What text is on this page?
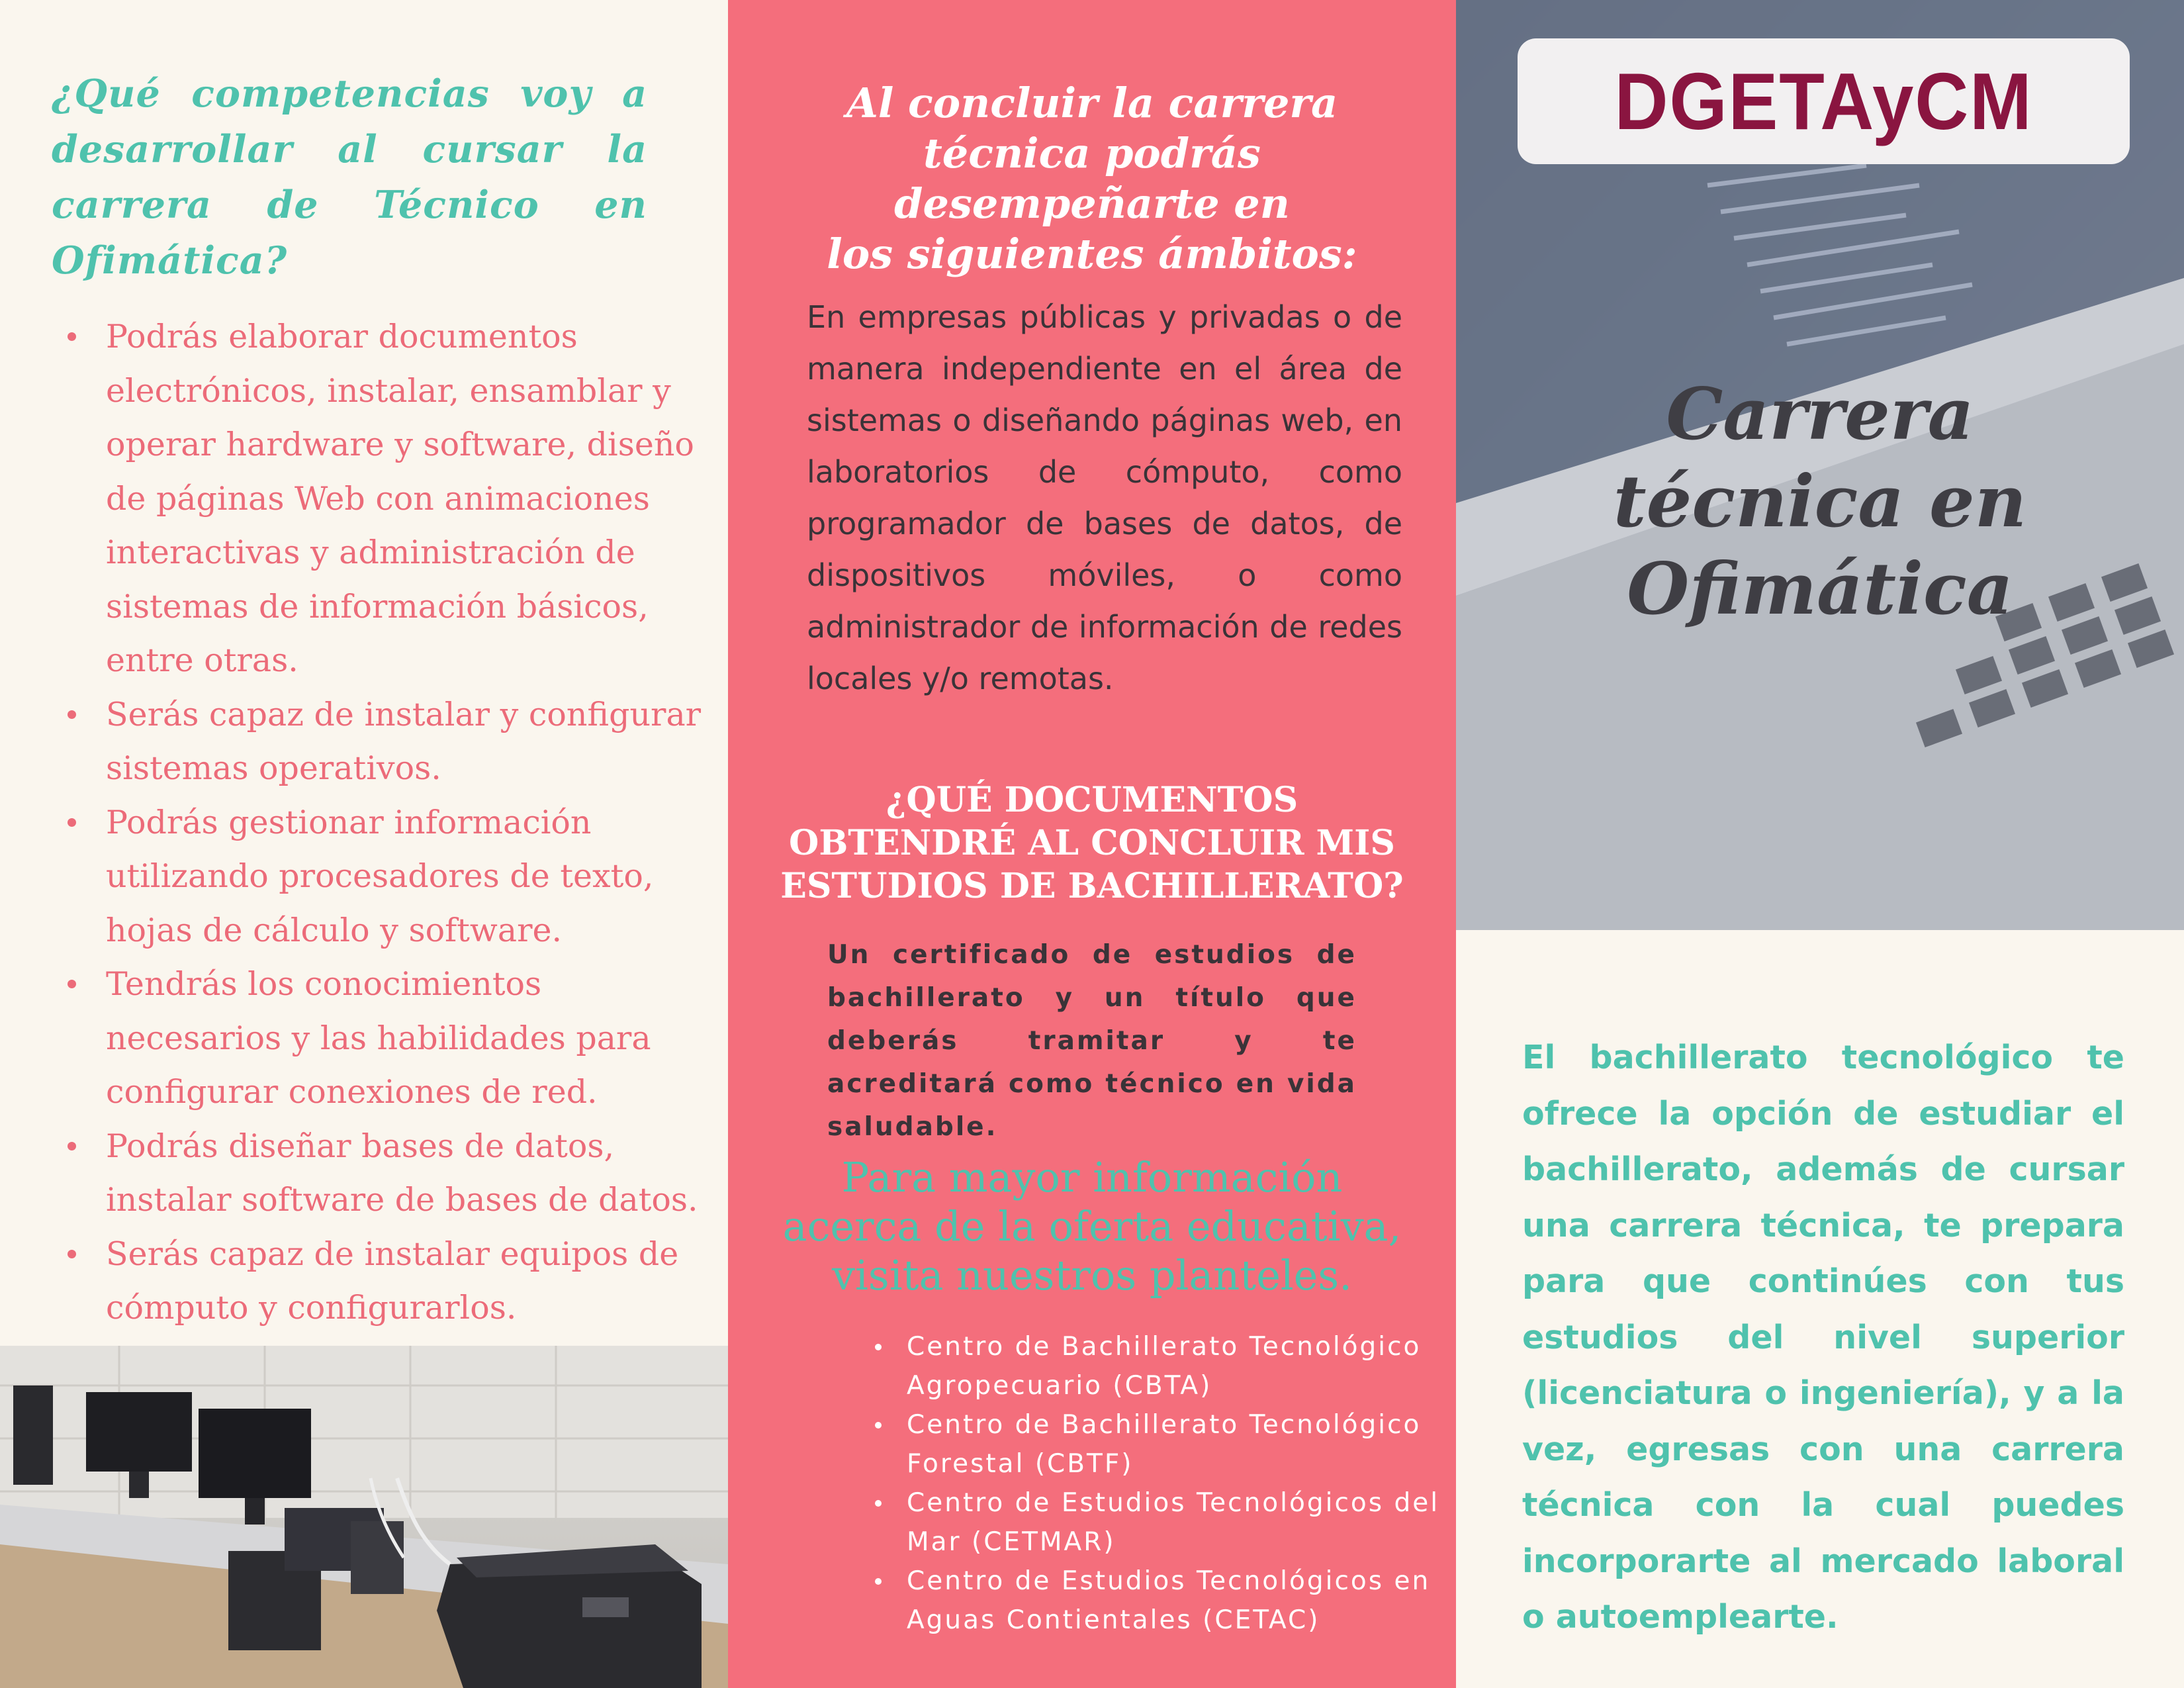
¿Qué competencias voy a desarrollar al cursar la carrera de Técnico en Ofimática?
Podrás elaborar documentos electrónicos, instalar, ensamblar y operar hardware y software, diseño de páginas Web con animaciones interactivas y administración de sistemas de información básicos, entre otras.
Serás capaz de instalar y configurar sistemas operativos.
Podrás gestionar información utilizando procesadores de texto, hojas de cálculo y software.
Tendrás los conocimientos necesarios y las habilidades para configurar conexiones de red.
Podrás diseñar bases de datos, instalar software de bases de datos.
Serás capaz de instalar equipos de cómputo y configurarlos.
Al concluir la carrera
técnica podrás
desempeñarte en
los siguientes ámbitos:
En empresas públicas y privadas o de manera independiente en el área de sistemas o diseñando páginas web, en laboratorios de cómputo, como programador de bases de datos, de dispositivos móviles, o como administrador de información de redes locales y/o remotas.
¿QUÉ DOCUMENTOS
OBTENDRÉ AL CONCLUIR MIS
ESTUDIOS DE BACHILLERATO?
Un certificado de estudios de bachillerato y un título que deberás tramitar y te acreditará como técnico en vida saludable.
Para mayor información
acerca de la oferta educativa,
visita nuestros planteles.
Centro de Bachillerato Tecnológico Agropecuario (CBTA)
Centro de Bachillerato Tecnológico Forestal (CBTF)
Centro de Estudios Tecnológicos del Mar (CETMAR)
Centro de Estudios Tecnológicos en Aguas Contientales (CETAC)
DGETAyCM
Carrera
técnica en
Ofimática
El bachillerato tecnológico te ofrece la opción de estudiar el bachillerato, además de cursar una carrera técnica, te prepara para que continúes con tus estudios del nivel superior (licenciatura o ingeniería), y a la vez, egresas con una carrera técnica con la cual puedes incorporarte al mercado laboral o autoemplearte.
